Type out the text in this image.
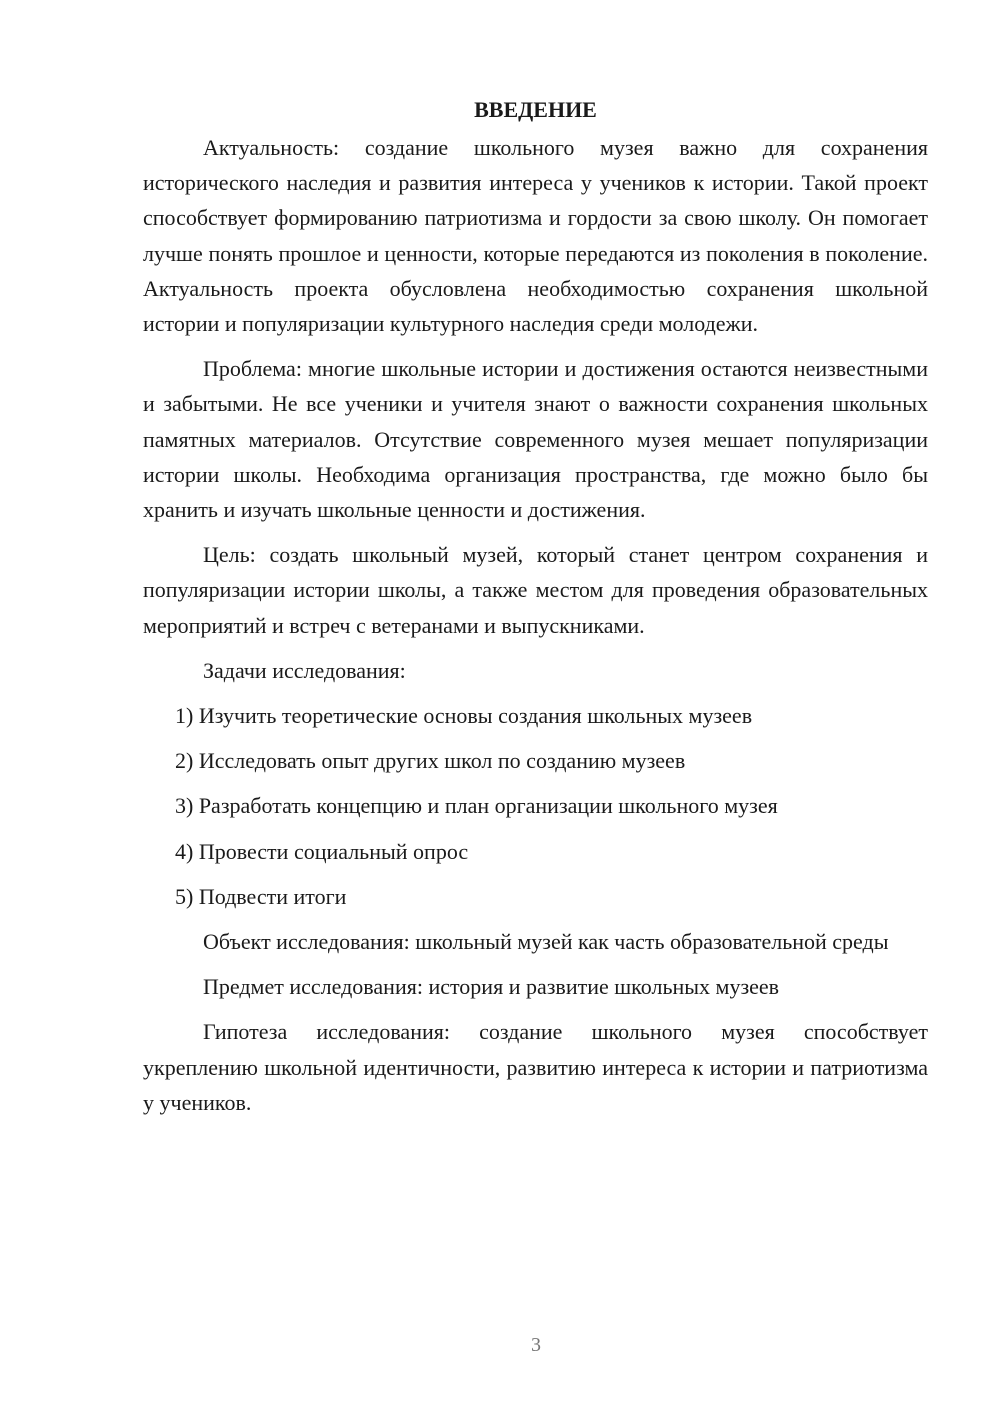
ВВЕДЕНИЕ

Актуальность: создание школьного музея важно для сохранения исторического наследия и развития интереса у учеников к истории. Такой проект способствует формированию патриотизма и гордости за свою школу. Он помогает лучше понять прошлое и ценности, которые передаются из поколения в поколение. Актуальность проекта обусловлена необходимостью сохранения школьной истории и популяризации культурного наследия среди молодежи.

Проблема: многие школьные истории и достижения остаются неизвестными и забытыми. Не все ученики и учителя знают о важности сохранения школьных памятных материалов. Отсутствие современного музея мешает популяризации истории школы. Необходима организация пространства, где можно было бы хранить и изучать школьные ценности и достижения.

Цель: создать школьный музей, который станет центром сохранения и популяризации истории школы, а также местом для проведения образовательных мероприятий и встреч с ветеранами и выпускниками.

Задачи исследования:

1) Изучить теоретические основы создания школьных музеев
2) Исследовать опыт других школ по созданию музеев
3) Разработать концепцию и план организации школьного музея
4) Провести социальный опрос
5) Подвести итоги

Объект исследования: школьный музей как часть образовательной среды

Предмет исследования: история и развитие школьных музеев

Гипотеза исследования: создание школьного музея способствует укреплению школьной идентичности, развитию интереса к истории и патриотизма у учеников.

3
